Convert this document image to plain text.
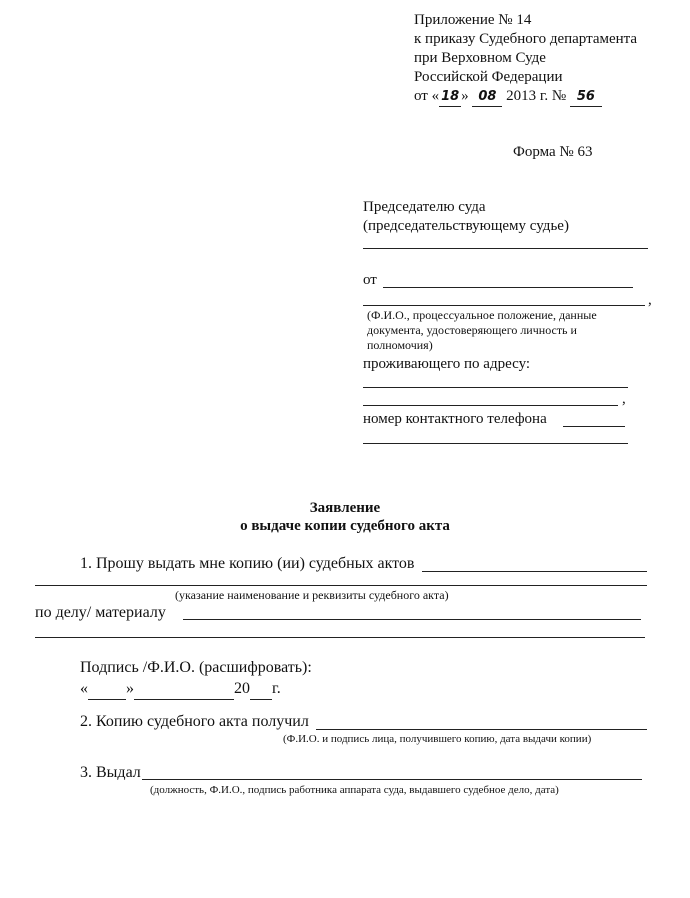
Приложение № 14
к приказу Судебного департамента
при Верховном Суде
Российской Федерации
от « 18 » 08 2013 г. № 56
Форма № 63
Председателю суда
(председательствующему судье)
от
,
(Ф.И.О., процессуальное положение, данные
документа, удостоверяющего личность и
полномочия)
проживающего по адресу:
,
номер контактного телефона
Заявление
о выдаче копии судебного акта
1. Прошу выдать мне копию (ии) судебных актов
(указание наименование и реквизиты судебного акта)
по делу/ материалу
Подпись /Ф.И.О. (расшифровать):
« »	20 г.
2. Копию судебного акта получил
(Ф.И.О. и подпись лица, получившего копию, дата выдачи копии)
3. Выдал
(должность, Ф.И.О., подпись работника аппарата суда, выдавшего судебное дело, дата)
